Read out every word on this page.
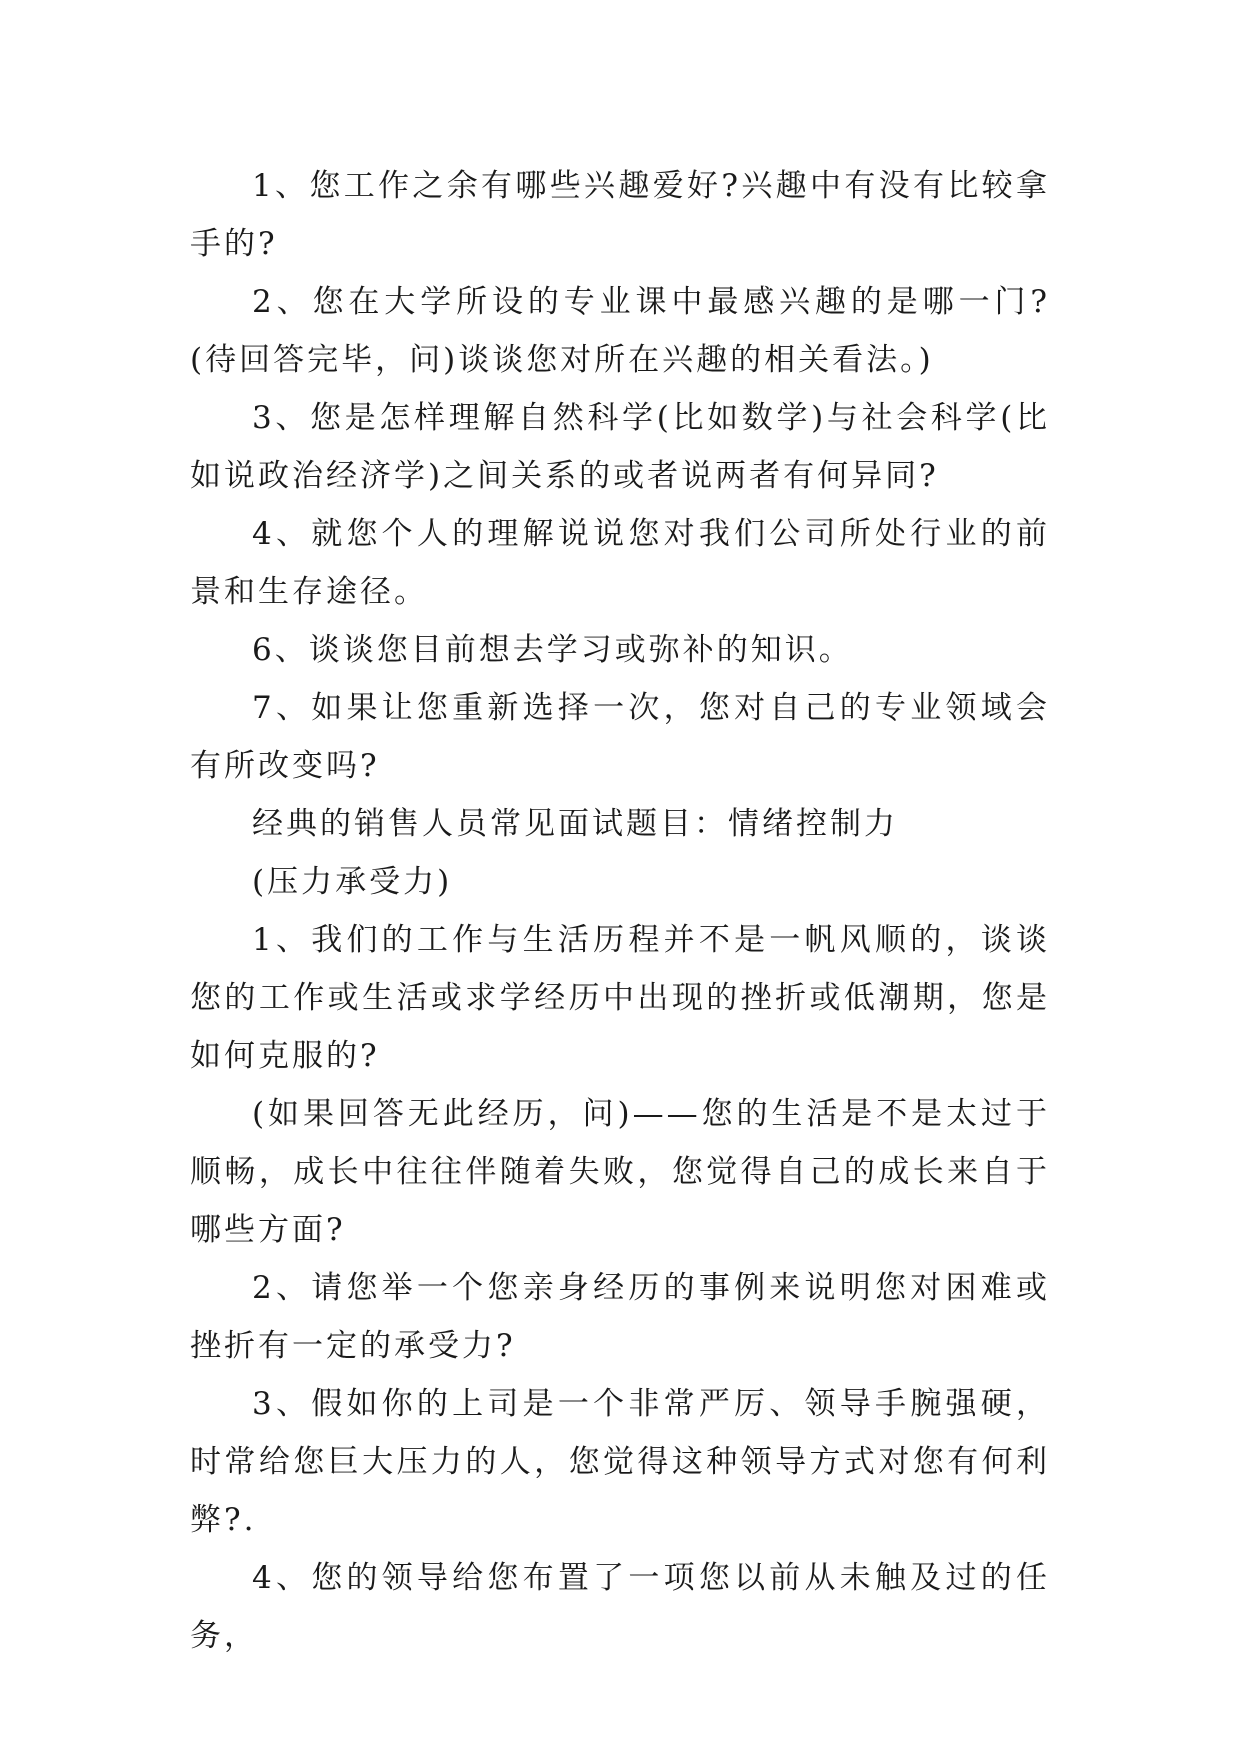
1、您工作之余有哪些兴趣爱好?兴趣中有没有比较拿手的?

2、您在大学所设的专业课中最感兴趣的是哪一门?(待回答完毕，问)谈谈您对所在兴趣的相关看法。)

3、您是怎样理解自然科学(比如数学)与社会科学(比如说政治经济学)之间关系的或者说两者有何异同?

4、就您个人的理解说说您对我们公司所处行业的前景和生存途径。

6、谈谈您目前想去学习或弥补的知识。

7、如果让您重新选择一次，您对自己的专业领域会有所改变吗?

经典的销售人员常见面试题目：情绪控制力

(压力承受力)

1、我们的工作与生活历程并不是一帆风顺的，谈谈您的工作或生活或求学经历中出现的挫折或低潮期，您是如何克服的?

(如果回答无此经历，问)——您的生活是不是太过于顺畅，成长中往往伴随着失败，您觉得自己的成长来自于哪些方面?

2、请您举一个您亲身经历的事例来说明您对困难或挫折有一定的承受力?

3、假如你的上司是一个非常严厉、领导手腕强硬，时常给您巨大压力的人，您觉得这种领导方式对您有何利弊?.

4、您的领导给您布置了一项您以前从未触及过的任务，
